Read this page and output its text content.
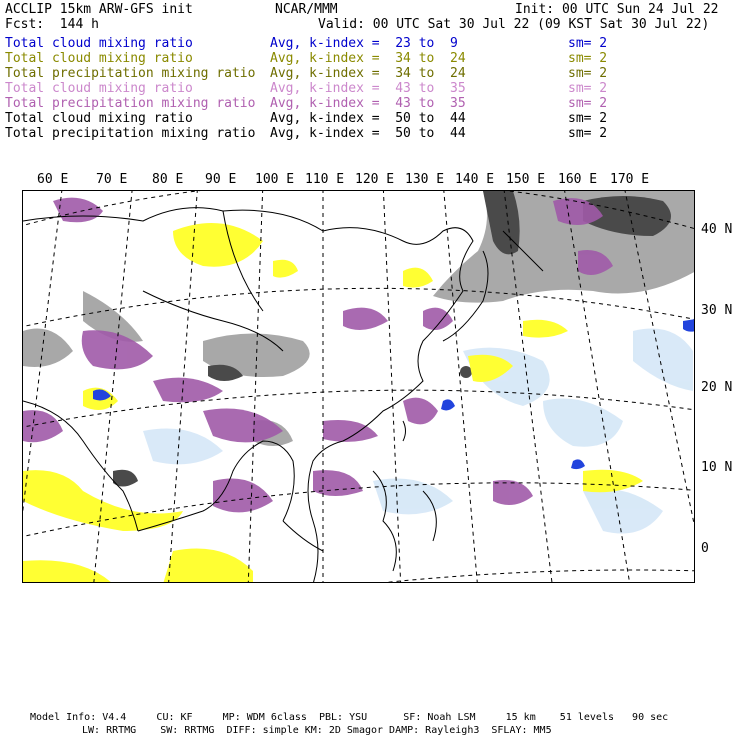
ACCLIP 15km ARW-GFS init	NCAR/MMM	Init: 00 UTC Sun 24 Jul 22
Fcst:  144 h	Valid: 00 UTC Sat 30 Jul 22 (09 KST Sat 30 Jul 22)
Total cloud mixing ratio	Avg, k-index =  23 to  9	sm= 2
Total cloud mixing ratio	Avg, k-index =  34 to  24	sm= 2
Total precipitation mixing ratio Avg, k-index =  34 to  24	sm= 2
Total cloud mixing ratio	Avg, k-index =  43 to  35	sm= 2
Total precipitation mixing ratio Avg, k-index =  43 to  35	sm= 2
Total cloud mixing ratio	Avg, k-index =  50 to  44	sm= 2
Total precipitation mixing ratio Avg, k-index =  50 to  44	sm= 2
60 E 70 E 80 E 90 E 100 E 110 E 120 E 130 E 140 E 150 E 160 E 170 E
40 N
30 N
20 N
10 N
0
Model Info: V4.4     CU: KF     MP: WDM 6class  PBL: YSU      SF: Noah LSM     15 km    51 levels   90 sec
LW: RRTMG    SW: RRTMG  DIFF: simple KM: 2D Smagor DAMP: Rayleigh3  SFLAY: MM5
